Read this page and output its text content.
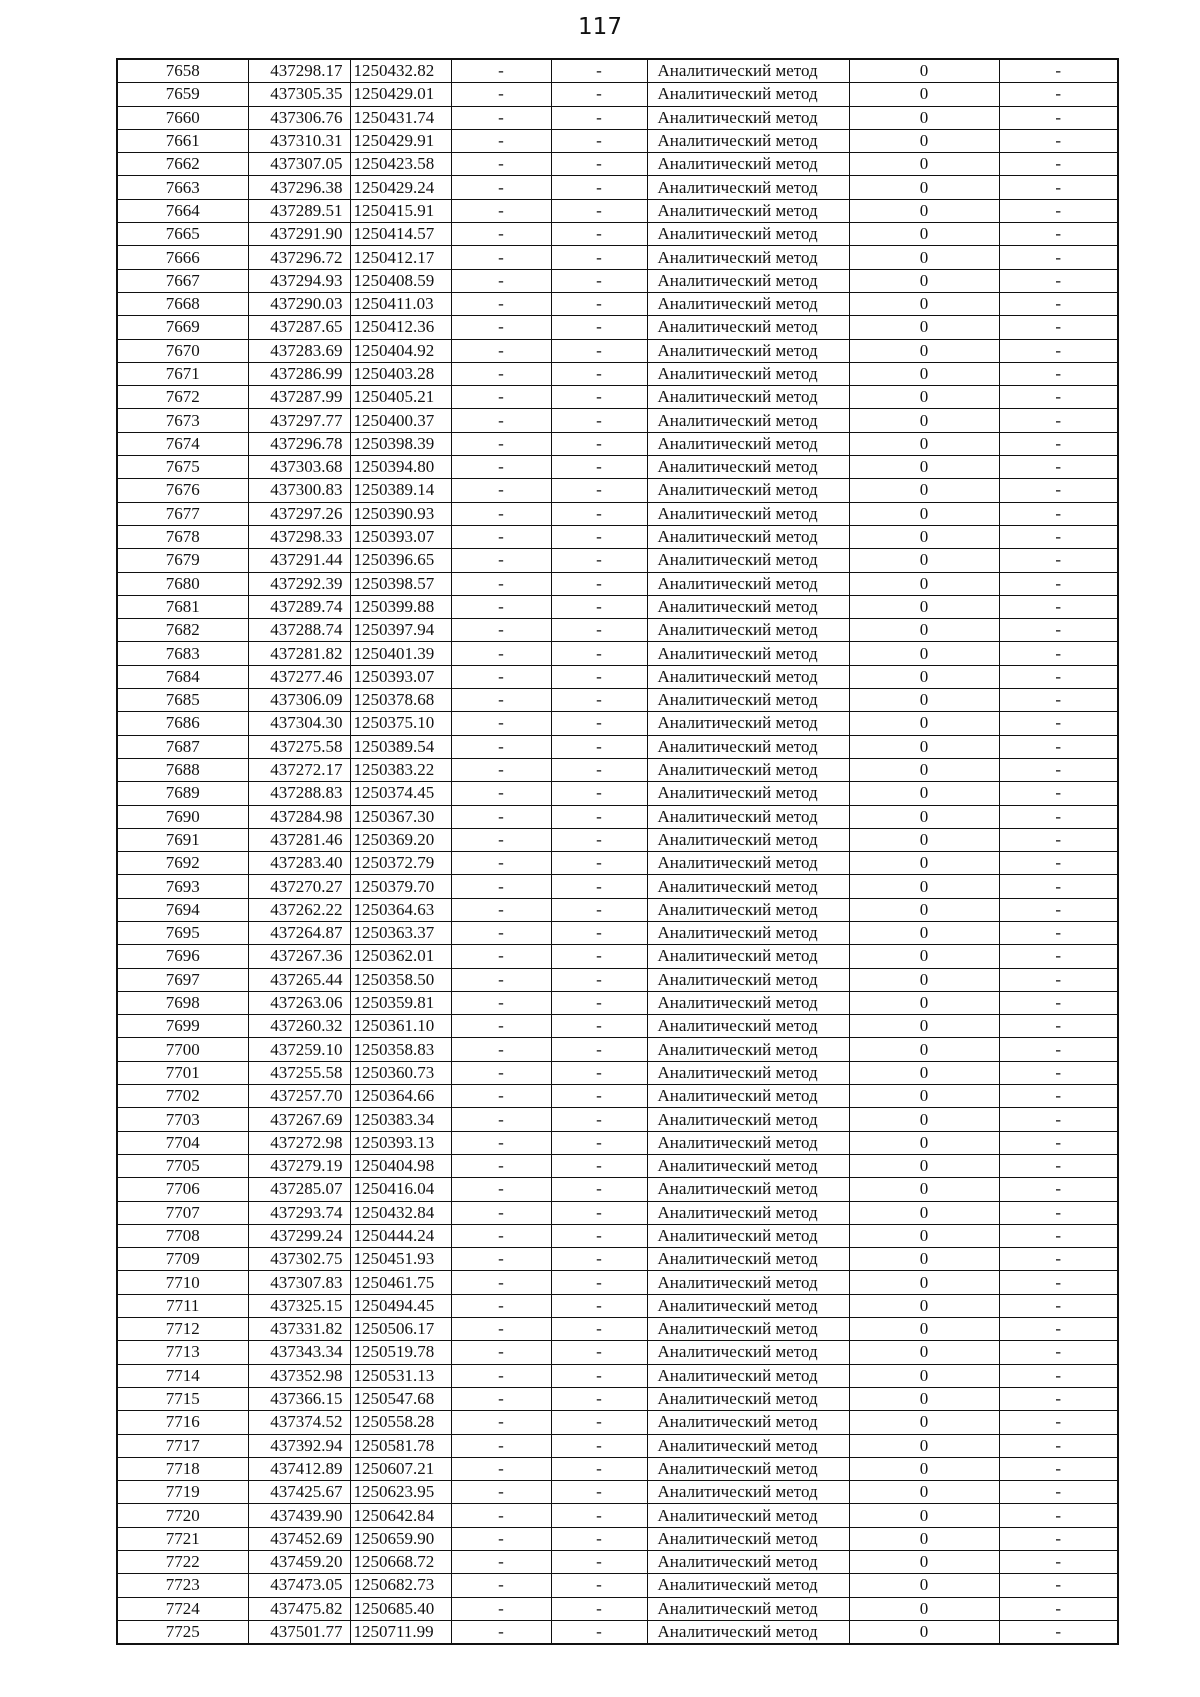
117
7658	437298.17	1250432.82	-	-	Аналитический метод	0	-
7659	437305.35	1250429.01	-	-	Аналитический метод	0	-
7660	437306.76	1250431.74	-	-	Аналитический метод	0	-
7661	437310.31	1250429.91	-	-	Аналитический метод	0	-
7662	437307.05	1250423.58	-	-	Аналитический метод	0	-
7663	437296.38	1250429.24	-	-	Аналитический метод	0	-
7664	437289.51	1250415.91	-	-	Аналитический метод	0	-
7665	437291.90	1250414.57	-	-	Аналитический метод	0	-
7666	437296.72	1250412.17	-	-	Аналитический метод	0	-
7667	437294.93	1250408.59	-	-	Аналитический метод	0	-
7668	437290.03	1250411.03	-	-	Аналитический метод	0	-
7669	437287.65	1250412.36	-	-	Аналитический метод	0	-
7670	437283.69	1250404.92	-	-	Аналитический метод	0	-
7671	437286.99	1250403.28	-	-	Аналитический метод	0	-
7672	437287.99	1250405.21	-	-	Аналитический метод	0	-
7673	437297.77	1250400.37	-	-	Аналитический метод	0	-
7674	437296.78	1250398.39	-	-	Аналитический метод	0	-
7675	437303.68	1250394.80	-	-	Аналитический метод	0	-
7676	437300.83	1250389.14	-	-	Аналитический метод	0	-
7677	437297.26	1250390.93	-	-	Аналитический метод	0	-
7678	437298.33	1250393.07	-	-	Аналитический метод	0	-
7679	437291.44	1250396.65	-	-	Аналитический метод	0	-
7680	437292.39	1250398.57	-	-	Аналитический метод	0	-
7681	437289.74	1250399.88	-	-	Аналитический метод	0	-
7682	437288.74	1250397.94	-	-	Аналитический метод	0	-
7683	437281.82	1250401.39	-	-	Аналитический метод	0	-
7684	437277.46	1250393.07	-	-	Аналитический метод	0	-
7685	437306.09	1250378.68	-	-	Аналитический метод	0	-
7686	437304.30	1250375.10	-	-	Аналитический метод	0	-
7687	437275.58	1250389.54	-	-	Аналитический метод	0	-
7688	437272.17	1250383.22	-	-	Аналитический метод	0	-
7689	437288.83	1250374.45	-	-	Аналитический метод	0	-
7690	437284.98	1250367.30	-	-	Аналитический метод	0	-
7691	437281.46	1250369.20	-	-	Аналитический метод	0	-
7692	437283.40	1250372.79	-	-	Аналитический метод	0	-
7693	437270.27	1250379.70	-	-	Аналитический метод	0	-
7694	437262.22	1250364.63	-	-	Аналитический метод	0	-
7695	437264.87	1250363.37	-	-	Аналитический метод	0	-
7696	437267.36	1250362.01	-	-	Аналитический метод	0	-
7697	437265.44	1250358.50	-	-	Аналитический метод	0	-
7698	437263.06	1250359.81	-	-	Аналитический метод	0	-
7699	437260.32	1250361.10	-	-	Аналитический метод	0	-
7700	437259.10	1250358.83	-	-	Аналитический метод	0	-
7701	437255.58	1250360.73	-	-	Аналитический метод	0	-
7702	437257.70	1250364.66	-	-	Аналитический метод	0	-
7703	437267.69	1250383.34	-	-	Аналитический метод	0	-
7704	437272.98	1250393.13	-	-	Аналитический метод	0	-
7705	437279.19	1250404.98	-	-	Аналитический метод	0	-
7706	437285.07	1250416.04	-	-	Аналитический метод	0	-
7707	437293.74	1250432.84	-	-	Аналитический метод	0	-
7708	437299.24	1250444.24	-	-	Аналитический метод	0	-
7709	437302.75	1250451.93	-	-	Аналитический метод	0	-
7710	437307.83	1250461.75	-	-	Аналитический метод	0	-
7711	437325.15	1250494.45	-	-	Аналитический метод	0	-
7712	437331.82	1250506.17	-	-	Аналитический метод	0	-
7713	437343.34	1250519.78	-	-	Аналитический метод	0	-
7714	437352.98	1250531.13	-	-	Аналитический метод	0	-
7715	437366.15	1250547.68	-	-	Аналитический метод	0	-
7716	437374.52	1250558.28	-	-	Аналитический метод	0	-
7717	437392.94	1250581.78	-	-	Аналитический метод	0	-
7718	437412.89	1250607.21	-	-	Аналитический метод	0	-
7719	437425.67	1250623.95	-	-	Аналитический метод	0	-
7720	437439.90	1250642.84	-	-	Аналитический метод	0	-
7721	437452.69	1250659.90	-	-	Аналитический метод	0	-
7722	437459.20	1250668.72	-	-	Аналитический метод	0	-
7723	437473.05	1250682.73	-	-	Аналитический метод	0	-
7724	437475.82	1250685.40	-	-	Аналитический метод	0	-
7725	437501.77	1250711.99	-	-	Аналитический метод	0	-
